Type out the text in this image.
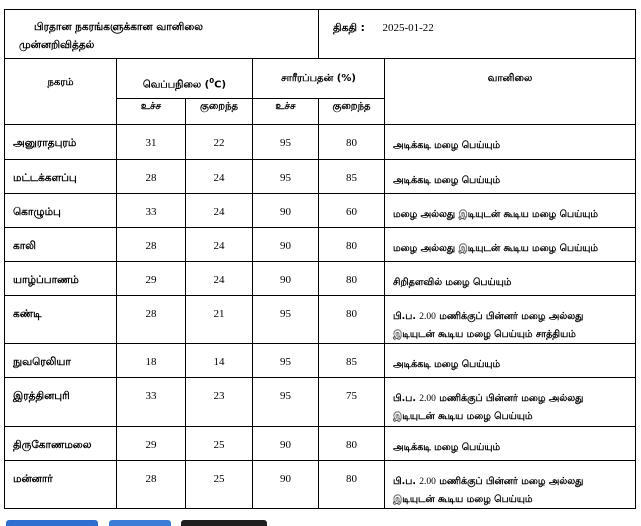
பிரதான நகரங்களுக்கான வானிலை
முன்னறிவித்தல்				திகதி : 2025-01-22	
நகரம்	வெப்பநிலை ($^0$C)		சாரீரப்பதன் (%)		வானிலை
	உச்ச	குறைந்த	உச்ச	குறைந்த	
அனுராதபுரம்	31	22	95	80	அடிக்கடி மழை பெய்யும்
மட்டக்களப்பு	28	24	95	85	அடிக்கடி மழை பெய்யும்
கொழும்பு	33	24	90	60	மழை அல்லது இடியுடன் கூடிய மழை பெய்யும்
காலி	28	24	90	80	மழை அல்லது இடியுடன் கூடிய மழை பெய்யும்
யாழ்ப்பாணம்	29	24	90	80	சிறிதளவில் மழை பெய்யும்
கண்டி	28	21	95	80	பி.ப. 2.00 மணிக்குப் பின்னர் மழை அல்லது
இடியுடன் கூடிய மழை பெய்யும் சாத்தியம்
நுவரெலியா	18	14	95	85	அடிக்கடி மழை பெய்யும்
இரத்தினபுரி	33	23	95	75	பி.ப. 2.00 மணிக்குப் பின்னர் மழை அல்லது
இடியுடன் கூடிய மழை பெய்யும்
திருகோணமலை	29	25	90	80	அடிக்கடி மழை பெய்யும்
மன்னார்	28	25	90	80	பி.ப. 2.00 மணிக்குப் பின்னர் மழை அல்லது
இடியுடன் கூடிய மழை பெய்யும்
